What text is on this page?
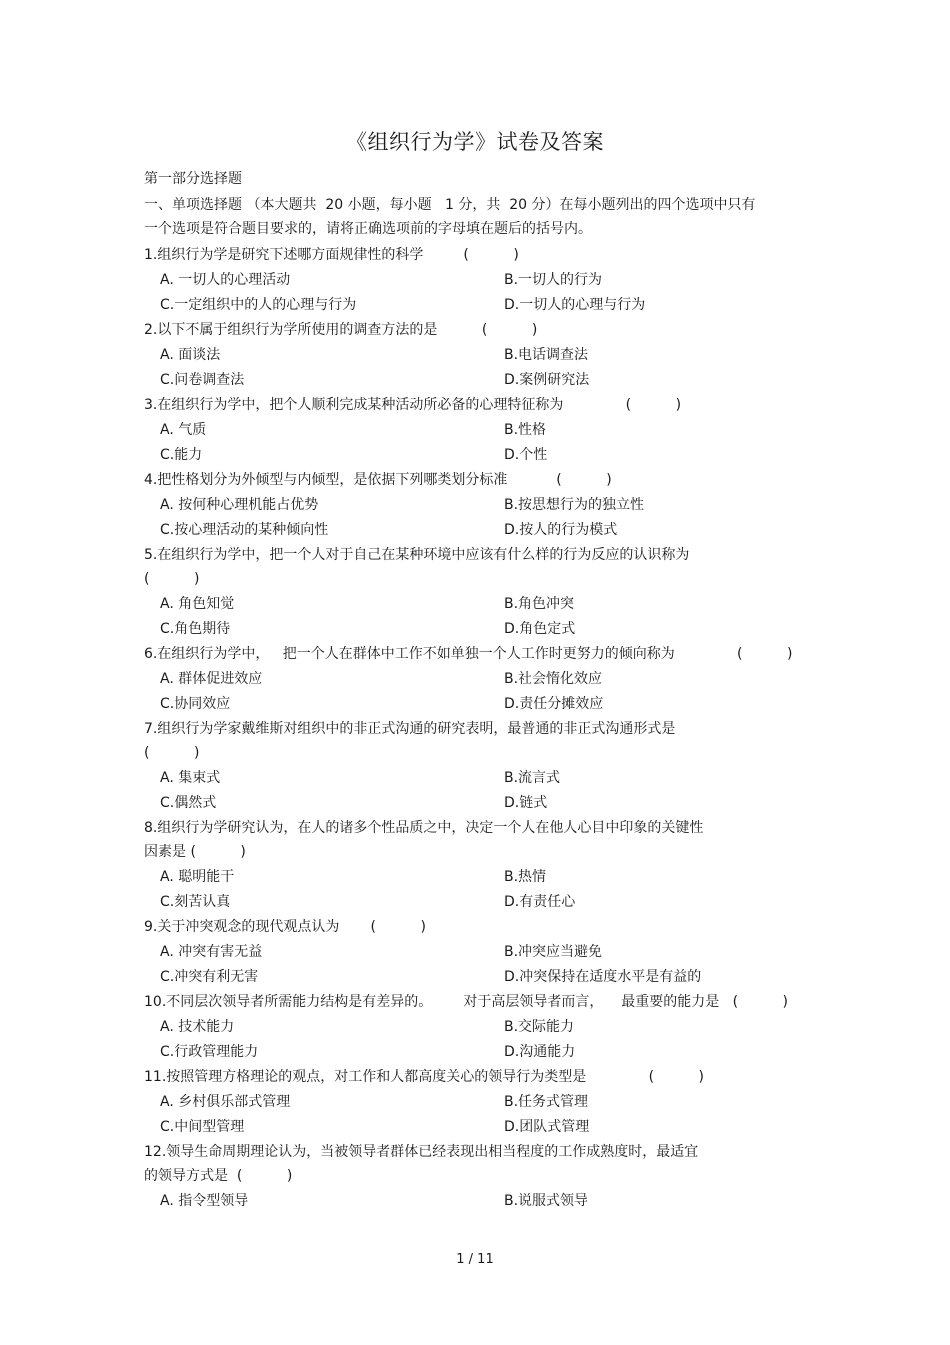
《组织行为学》试卷及答案
第一部分选择题
一、单项选择题 （本大题共  20 小题，每小题   1 分，共  20 分）在每小题列出的四个选项中只有
一个选项是符合题目要求的，请将正确选项前的字母填在题后的括号内。
1.组织行为学是研究下述哪方面规律性的科学         (          )
A. 一切人的心理活动	B.一切人的行为
C.一定组织中的人的心理与行为	D.一切人的心理与行为
2.以下不属于组织行为学所使用的调查方法的是          (          )
A. 面谈法	B.电话调查法
C.问卷调查法	D.案例研究法
3.在组织行为学中，把个人顺利完成某种活动所必备的心理特征称为              (          )
A. 气质	B.性格
C.能力	D.个性
4.把性格划分为外倾型与内倾型，是依据下列哪类划分标准           (          )
A. 按何种心理机能占优势	B.按思想行为的独立性
C.按心理活动的某种倾向性	D.按人的行为模式
5.在组织行为学中，把一个人对于自己在某种环境中应该有什么样的行为反应的认识称为
(          )
A. 角色知觉	B.角色冲突
C.角色期待	D.角色定式
6.在组织行为学中，   把一个人在群体中工作不如单独一个人工作时更努力的倾向称为              (          )
A. 群体促进效应	B.社会惰化效应
C.协同效应	D.责任分摊效应
7.组织行为学家戴维斯对组织中的非正式沟通的研究表明，最普通的非正式沟通形式是
(          )
A. 集束式	B.流言式
C.偶然式	D.链式
8.组织行为学研究认为，在人的诸多个性品质之中，决定一个人在他人心目中印象的关键性
因素是 (          )
A. 聪明能干	B.热情
C.刻苦认真	D.有责任心
9.关于冲突观念的现代观点认为       (          )
A. 冲突有害无益	B.冲突应当避免
C.冲突有利无害	D.冲突保持在适度水平是有益的
10.不同层次领导者所需能力结构是有差异的。       对于高层领导者而言，    最重要的能力是   (          )
A. 技术能力	B.交际能力
C.行政管理能力	D.沟通能力
11.按照管理方格理论的观点，对工作和人都高度关心的领导行为类型是              (          )
A. 乡村俱乐部式管理	B.任务式管理
C.中间型管理	D.团队式管理
12.领导生命周期理论认为，当被领导者群体已经表现出相当程度的工作成熟度时，最适宜
的领导方式是  (          )
A. 指令型领导	B.说服式领导
1 / 11
